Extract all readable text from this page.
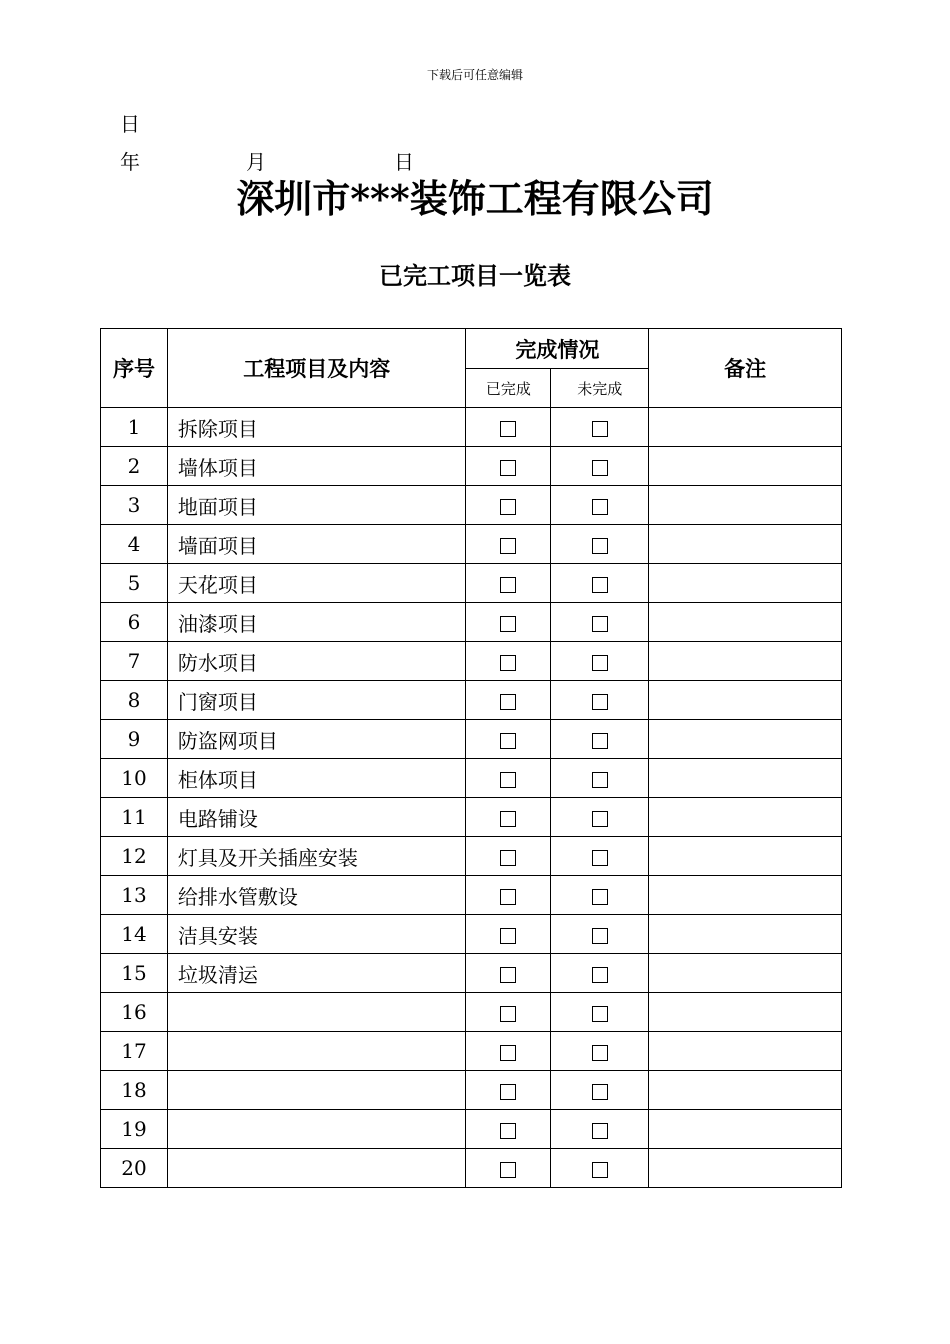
下载后可任意编辑
日
年	月	日
深圳市***装饰工程有限公司
已完工项目一览表
序号	工程项目及内容	完成情况		备注
		已完成	未完成	
1	拆除项目			
2	墙体项目			
3	地面项目			
4	墙面项目			
5	天花项目			
6	油漆项目			
7	防水项目			
8	门窗项目			
9	防盗网项目			
10	柜体项目			
11	电路铺设			
12	灯具及开关插座安装			
13	给排水管敷设			
14	洁具安装			
15	垃圾清运			
16				
17				
18				
19				
20				
